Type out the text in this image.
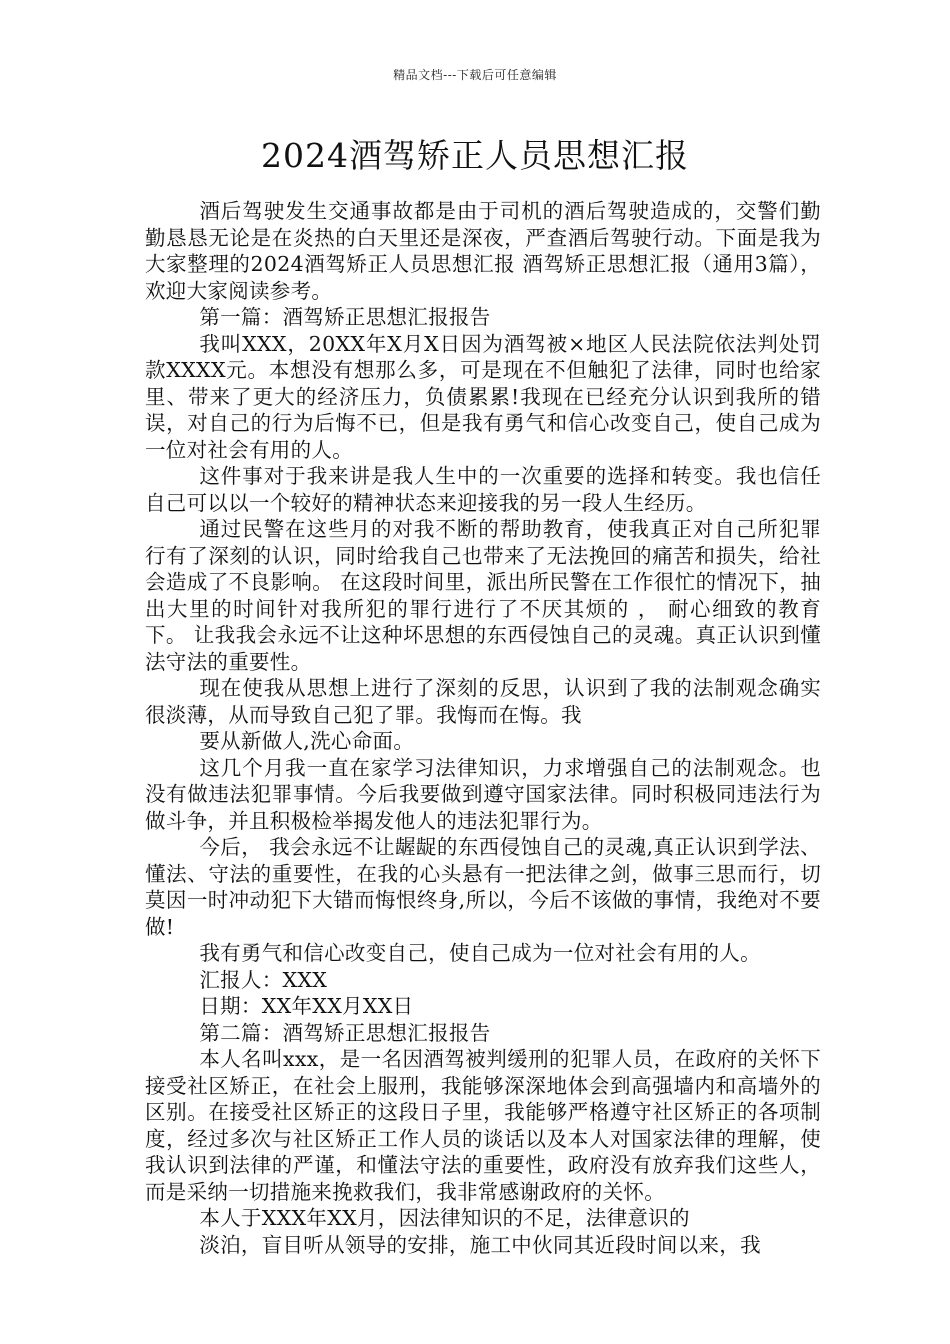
精品文档---下载后可任意编辑
2024酒驾矫正人员思想汇报

酒后驾驶发生交通事故都是由于司机的酒后驾驶造成的，交警们勤勤恳恳无论是在炎热的白天里还是深夜，严查酒后驾驶行动。下面是我为大家整理的2024酒驾矫正人员思想汇报 酒驾矫正思想汇报（通用3篇），欢迎大家阅读参考。

第一篇：酒驾矫正思想汇报报告

我叫XXX，20XX年X月X日因为酒驾被×地区人民法院依法判处罚款XXXX元。本想没有想那么多，可是现在不但触犯了法律，同时也给家里、带来了更大的经济压力，负债累累!我现在已经充分认识到我所的错误，对自己的行为后悔不已，但是我有勇气和信心改变自己，使自己成为一位对社会有用的人。

这件事对于我来讲是我人生中的一次重要的选择和转变。我也信任自己可以以一个较好的精神状态来迎接我的另一段人生经历。

通过民警在这些月的对我不断的帮助教育，使我真正对自己所犯罪行有了深刻的认识，同时给我自己也带来了无法挽回的痛苦和损失，给社会造成了不良影响。 在这段时间里，派出所民警在工作很忙的情况下，抽出大里的时间针对我所犯的罪行进行了不厌其烦的 ， 耐心细致的教育下。 让我我会永远不让这种坏思想的东西侵蚀自己的灵魂。真正认识到懂法守法的重要性。

现在使我从思想上进行了深刻的反思，认识到了我的法制观念确实很淡薄，从而导致自己犯了罪。我悔而在悔。我

要从新做人,洗心命面。

这几个月我一直在家学习法律知识，力求增强自己的法制观念。也没有做违法犯罪事情。今后我要做到遵守国家法律。同时积极同违法行为做斗争，并且积极检举揭发他人的违法犯罪行为。

今后， 我会永远不让龌龊的东西侵蚀自己的灵魂,真正认识到学法、懂法、守法的重要性，在我的心头悬有一把法律之剑，做事三思而行，切莫因一时冲动犯下大错而悔恨终身,所以，今后不该做的事情，我绝对不要做!

我有勇气和信心改变自己，使自己成为一位对社会有用的人。

汇报人：XXX

日期：XX年XX月XX日

第二篇：酒驾矫正思想汇报报告

本人名叫xxx，是一名因酒驾被判缓刑的犯罪人员，在政府的关怀下接受社区矫正，在社会上服刑，我能够深深地体会到高强墙内和高墙外的区别。在接受社区矫正的这段日子里，我能够严格遵守社区矫正的各项制度，经过多次与社区矫正工作人员的谈话以及本人对国家法律的理解，使我认识到法律的严谨，和懂法守法的重要性，政府没有放弃我们这些人，而是采纳一切措施来挽救我们，我非常感谢政府的关怀。

本人于XXX年XX月，因法律知识的不足，法律意识的

淡泊，盲目听从领导的安排，施工中伙同其近段时间以来，我
